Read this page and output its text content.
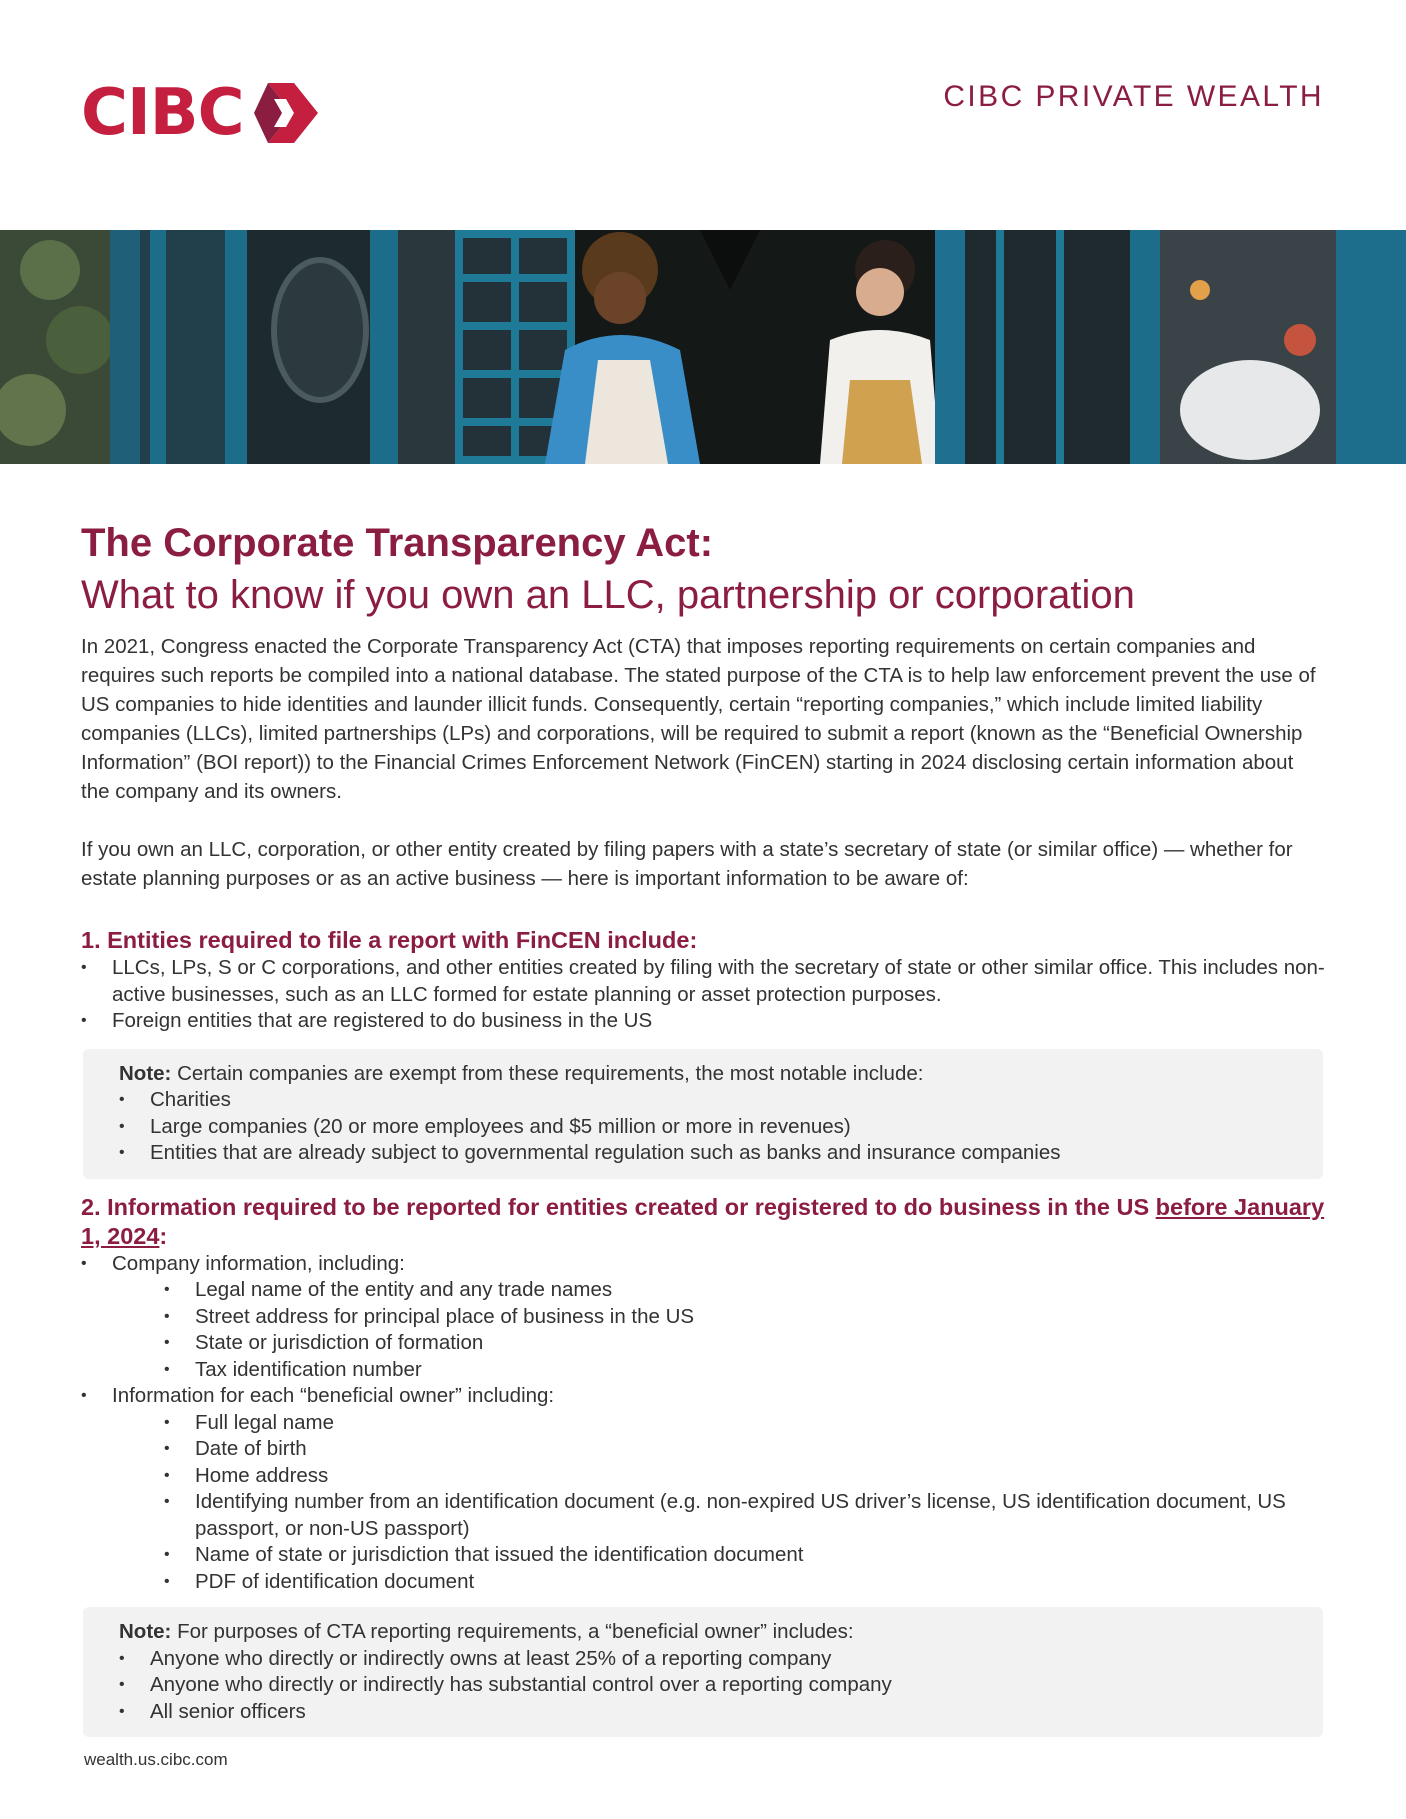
CIBC	CIBC PRIVATE WEALTH
The Corporate Transparency Act:
What to know if you own an LLC, partnership or corporation

In 2021, Congress enacted the Corporate Transparency Act (CTA) that imposes reporting requirements on certain companies and requires such reports be compiled into a national database. The stated purpose of the CTA is to help law enforcement prevent the use of US companies to hide identities and launder illicit funds. Consequently, certain “reporting companies,” which include limited liability companies (LLCs), limited partnerships (LPs) and corporations, will be required to submit a report (known as the “Beneficial Ownership Information” (BOI report)) to the Financial Crimes Enforcement Network (FinCEN) starting in 2024 disclosing certain information about the company and its owners.

If you own an LLC, corporation, or other entity created by filing papers with a state’s secretary of state (or similar office) — whether for estate planning purposes or as an active business — here is important information to be aware of:

1. Entities required to file a report with FinCEN include:
• LLCs, LPs, S or C corporations, and other entities created by filing with the secretary of state or other similar office. This includes non-active businesses, such as an LLC formed for estate planning or asset protection purposes.
• Foreign entities that are registered to do business in the US
Note: Certain companies are exempt from these requirements, the most notable include:
• Charities
• Large companies (20 or more employees and $5 million or more in revenues)
• Entities that are already subject to governmental regulation such as banks and insurance companies
2. Information required to be reported for entities created or registered to do business in the US before January 1, 2024:
• Company information, including:
• Legal name of the entity and any trade names
• Street address for principal place of business in the US
• State or jurisdiction of formation
• Tax identification number
• Information for each “beneficial owner” including:
• Full legal name
• Date of birth
• Home address
• Identifying number from an identification document (e.g. non-expired US driver’s license, US identification document, US passport, or non-US passport)
• Name of state or jurisdiction that issued the identification document
• PDF of identification document
Note: For purposes of CTA reporting requirements, a “beneficial owner” includes:
• Anyone who directly or indirectly owns at least 25% of a reporting company
• Anyone who directly or indirectly has substantial control over a reporting company
• All senior officers
wealth.us.cibc.com
